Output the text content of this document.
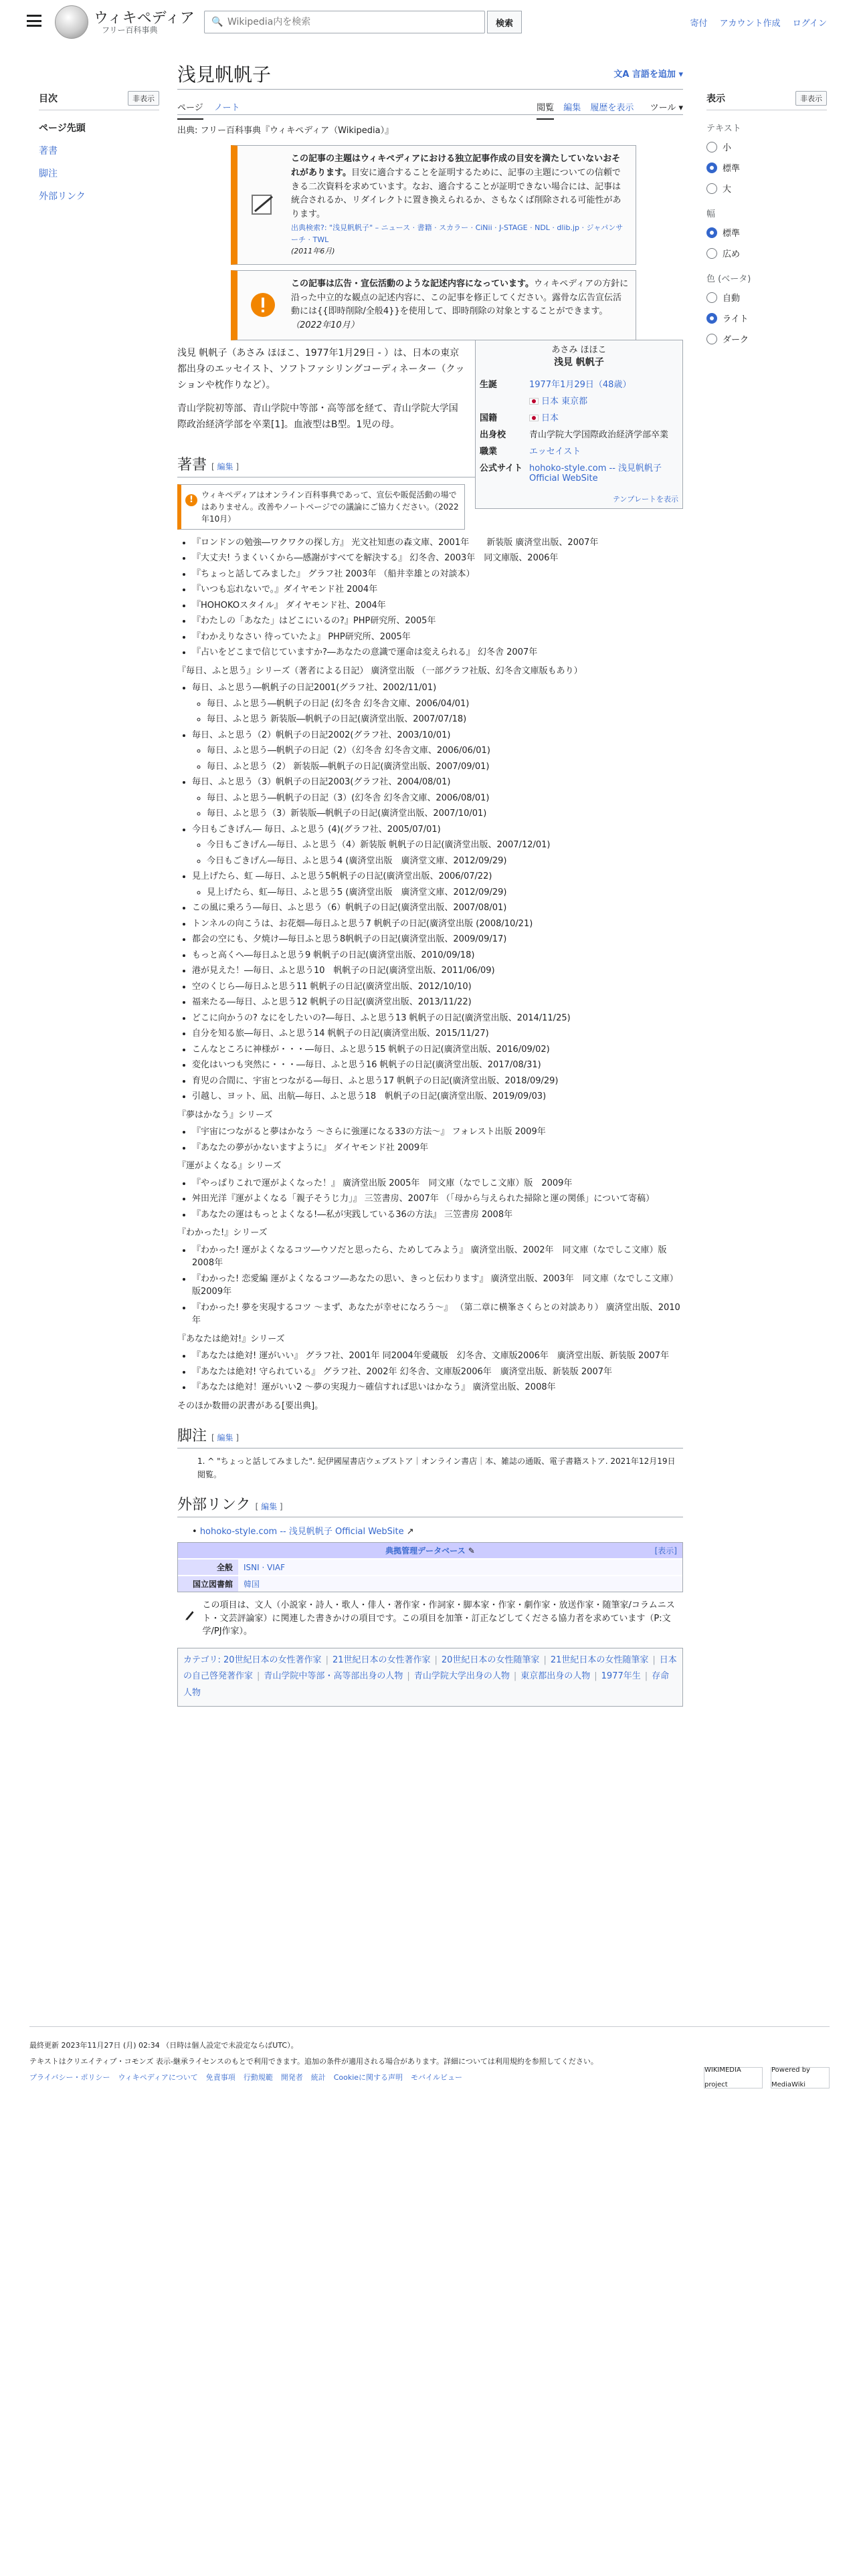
ウィキペディア
フリー百科事典
🔍
Wikipedia内を検索	検索	寄付 アカウント作成 ログイン
目次	非表示
ページ先頭
著書
脚注
外部リンク
表示	非表示
テキスト
小
標準
大
幅
標準
広め
色 (ベータ)
自動
ライト
ダーク
浅見帆帆子	文A 言語を追加 ▾
ページ ノート	閲覧 編集 履歴を表示 ツール ▾
出典: フリー百科事典『ウィキペディア（Wikipedia）』
この記事の主題はウィキペディアにおける独立記事作成の目安を満たしていないおそれがあります。目安に適合することを証明するために、記事の主題についての信頼できる二次資料を求めています。なお、適合することが証明できない場合には、記事は統合されるか、リダイレクトに置き換えられるか、さもなくば削除される可能性があります。
出典検索?: "浅見帆帆子" – ニュース · 書籍 · スカラー · CiNii · J-STAGE · NDL · dlib.jp · ジャパンサーチ · TWL
(2011年6月)
この記事は広告・宣伝活動のような記述内容になっています。ウィキペディアの方針に沿った中立的な観点の記述内容に、この記事を修正してください。露骨な広告宣伝活動には{{即時削除/全般4}}を使用して、即時削除の対象とすることができます。（2022年10月）
あさみ ほほこ
浅見 帆帆子
生誕	1977年1月29日（48歳）
	日本 東京都
国籍	日本
出身校	青山学院大学国際政治経済学部卒業
職業	エッセイスト
公式サイト	hohoko-style.com -- 浅見帆帆子 Official WebSite
テンプレートを表示

浅見 帆帆子（あさみ ほほこ、1977年1月29日 - ）は、日本の東京都出身のエッセイスト、ソフトファシリングコーディネーター（クッションや枕作りなど）。

青山学院初等部、青山学院中等部・高等部を経て、青山学院大学国際政治経済学部を卒業[1]。血液型はB型。1児の母。

著書 [ 編集 ]
!	ウィキペディアはオンライン百科事典であって、宣伝や販促活動の場ではありません。改善やノートページでの議論にご協力ください。（2022年10月）
• 『ロンドンの勉強―ワクワクの探し方』 光文社知恵の森文庫、2001年　　新装版 廣済堂出版、2007年
• 『大丈夫! うまくいくから―感謝がすべてを解決する』 幻冬舎、2003年　同文庫版、2006年
• 『ちょっと話してみました』 グラフ社 2003年 （船井幸雄との対談本）
• 『いつも忘れないで。』ダイヤモンド社 2004年
• 『HOHOKOスタイル』 ダイヤモンド社、2004年
• 『わたしの「あなた」はどこにいるの?』PHP研究所、2005年
• 『わかえりなさい 待っていたよ』 PHP研究所、2005年
• 『占いをどこまで信じていますか?―あなたの意識で運命は変えられる』 幻冬舎 2007年
『毎日、ふと思う』シリーズ（著者による日記） 廣済堂出版 （一部グラフ社版、幻冬舎文庫版もあり）
• 毎日、ふと思う―帆帆子の日記2001(グラフ社、2002/11/01)
◦ 毎日、ふと思う―帆帆子の日記 (幻冬舎 幻冬舎文庫、2006/04/01)
◦ 毎日、ふと思う 新装版―帆帆子の日記(廣済堂出版、2007/07/18)
• 毎日、ふと思う（2）帆帆子の日記2002(グラフ社、2003/10/01)
◦ 毎日、ふと思う―帆帆子の日記（2）（幻冬舎 幻冬舎文庫、2006/06/01)
◦ 毎日、ふと思う（2） 新装版―帆帆子の日記(廣済堂出版、2007/09/01)
• 毎日、ふと思う（3）帆帆子の日記2003(グラフ社、2004/08/01)
◦ 毎日、ふと思う―帆帆子の日記（3）(幻冬舎 幻冬舎文庫、2006/08/01)
◦ 毎日、ふと思う（3）新装版―帆帆子の日記(廣済堂出版、2007/10/01)
• 今日もごきげん― 毎日、ふと思う (4)(グラフ社、2005/07/01)
◦ 今日もごきげん―毎日、ふと思う（4）新装版 帆帆子の日記(廣済堂出版、2007/12/01)
◦ 今日もごきげん―毎日、ふと思う4 (廣済堂出版　廣済堂文庫、2012/09/29)
• 見上げたら、虹 ―毎日、ふと思う5帆帆子の日記(廣済堂出版、2006/07/22)
◦ 見上げたら、虹―毎日、ふと思う5 (廣済堂出版　廣済堂文庫、2012/09/29)
• この風に乗ろう―毎日、ふと思う（6）帆帆子の日記(廣済堂出版、2007/08/01)
• トンネルの向こうは、お花畑―毎日ふと思う7 帆帆子の日記(廣済堂出版 (2008/10/21)
• 都会の空にも、夕焼け―毎日ふと思う8帆帆子の日記(廣済堂出版、2009/09/17)
• もっと高くへ―毎日ふと思う9 帆帆子の日記(廣済堂出版、2010/09/18)
• 港が見えた！―毎日、ふと思う10　帆帆子の日記(廣済堂出版、2011/06/09)
• 空のくじら―毎日ふと思う11 帆帆子の日記(廣済堂出版、2012/10/10)
• 福来たる―毎日、ふと思う12 帆帆子の日記(廣済堂出版、2013/11/22)
• どこに向かうの? なにをしたいの?―毎日、ふと思う13 帆帆子の日記(廣済堂出版、2014/11/25)
• 自分を知る旅―毎日、ふと思う14 帆帆子の日記(廣済堂出版、2015/11/27)
• こんなところに神様が・・・―毎日、ふと思う15 帆帆子の日記(廣済堂出版、2016/09/02)
• 変化はいつも突然に・・・―毎日、ふと思う16 帆帆子の日記(廣済堂出版、2017/08/31)
• 育児の合間に、宇宙とつながる―毎日、ふと思う17 帆帆子の日記(廣済堂出版、2018/09/29)
• 引越し、ヨット、凪、出航―毎日、ふと思う18　帆帆子の日記(廣済堂出版、2019/09/03)
『夢はかなう』シリーズ
• 『宇宙につながると夢はかなう 〜さらに強運になる33の方法〜』 フォレスト出版 2009年
• 『あなたの夢がかないますように』 ダイヤモンド社 2009年
『運がよくなる』シリーズ
• 『やっぱりこれで運がよくなった！』 廣済堂出版 2005年　同文庫（なでしこ文庫）版　2009年
• 舛田光洋『運がよくなる「親子そうじ力」』 三笠書房、2007年 （「母から与えられた掃除と運の関係」について寄稿）
• 『あなたの運はもっとよくなる!―私が実践している36の方法』 三笠書房 2008年
『わかった!』シリーズ
• 『わかった! 運がよくなるコツ―ウソだと思ったら、ためしてみよう』 廣済堂出版、2002年　同文庫（なでしこ文庫）版2008年
• 『わかった! 恋愛編 運がよくなるコツ―あなたの思い、きっと伝わります』 廣済堂出版、2003年　同文庫（なでしこ文庫）版2009年
• 『わかった! 夢を実現するコツ ～まず、あなたが幸せになろう～』 （第二章に横峯さくらとの対談あり） 廣済堂出版、2010年
『あなたは絶対!』シリーズ
• 『あなたは絶対! 運がいい』 グラフ社、2001年 同2004年愛蔵版　幻冬舎、文庫版2006年　廣済堂出版、新装版 2007年
• 『あなたは絶対! 守られている』 グラフ社、2002年 幻冬舎、文庫版2006年　廣済堂出版、新装版 2007年
• 『あなたは絶対！運がいい2 〜夢の実現力〜確信すれば思いはかなう』 廣済堂出版、2008年
そのほか数冊の訳書がある[要出典]。
脚注 [ 編集 ]
1. ^ "ちょっと話してみました". 紀伊國屋書店ウェブストア｜オンライン書店｜本、雑誌の通販、電子書籍ストア. 2021年12月19日閲覧。
外部リンク [ 編集 ]
• hohoko-style.com -- 浅見帆帆子 Official WebSite ↗
典拠管理データベース ✎	[表示]
全般	ISNI · VIAF
国立図書館	韓国
この項目は、文人（小説家・詩人・歌人・俳人・著作家・作詞家・脚本家・作家・劇作家・放送作家・随筆家/コラムニスト・文芸評論家）に関連した書きかけの項目です。この項目を加筆・訂正などしてくださる協力者を求めています（P:文学/PJ作家）。
カテゴリ: 20世紀日本の女性著作家 | 21世紀日本の女性著作家 | 20世紀日本の女性随筆家 | 21世紀日本の女性随筆家 | 日本の自己啓発著作家 | 青山学院中等部・高等部出身の人物 | 青山学院大学出身の人物 | 東京都出身の人物 | 1977年生 | 存命人物
最終更新 2023年11月27日 (月) 02:34 （日時は個人設定で未設定ならばUTC）。
テキストはクリエイティブ・コモンズ 表示-継承ライセンスのもとで利用できます。追加の条件が適用される場合があります。詳細については利用規約を参照してください。
プライバシー・ポリシー ウィキペディアについて 免責事項 行動規範 開発者 統計 Cookieに関する声明 モバイルビュー
WIKIMEDIA project
Powered by MediaWiki
